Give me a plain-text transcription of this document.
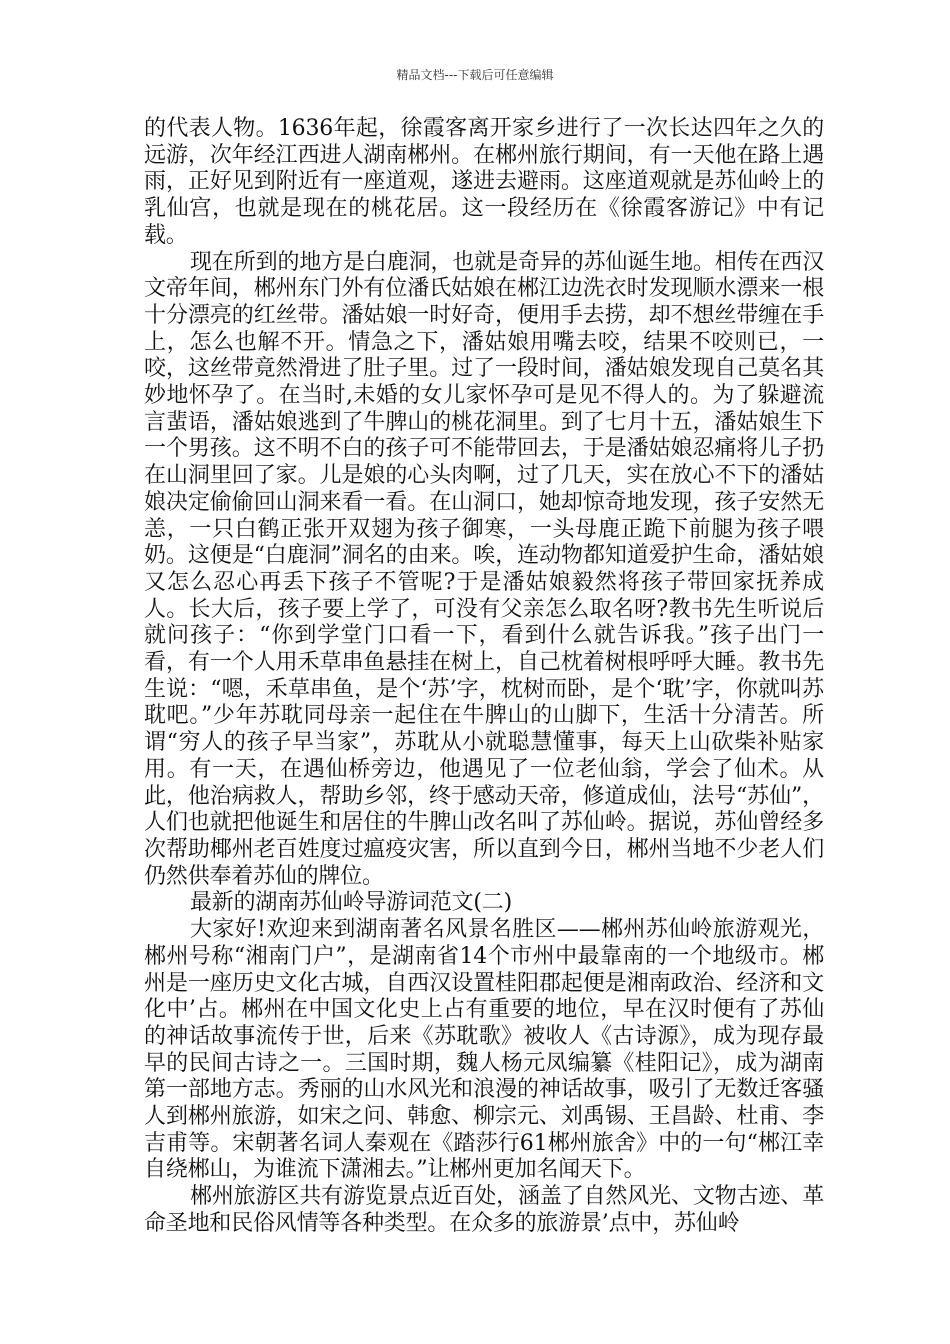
精品文档---下载后可任意编辑

的代表人物。1636年起，徐霞客离开家乡进行了一次长达四年之久的远游，次年经江西进人湖南郴州。在郴州旅行期间，有一天他在路上遇雨，正好见到附近有一座道观，遂进去避雨。这座道观就是苏仙岭上的乳仙宫，也就是现在的桃花居。这一段经历在《徐霞客游记》中有记载。

现在所到的地方是白鹿洞，也就是奇异的苏仙诞生地。相传在西汉文帝年间，郴州东门外有位潘氏姑娘在郴江边洗衣时发现顺水漂来一根十分漂亮的红丝带。潘姑娘一时好奇，便用手去捞，却不想丝带缠在手上，怎么也解不开。情急之下，潘姑娘用嘴去咬，结果不咬则已，一咬，这丝带竟然滑进了肚子里。过了一段时间，潘姑娘发现自己莫名其妙地怀孕了。在当时,未婚的女儿家怀孕可是见不得人的。为了躲避流言蜚语，潘姑娘逃到了牛脾山的桃花洞里。到了七月十五，潘姑娘生下一个男孩。这不明不白的孩子可不能带回去，于是潘姑娘忍痛将儿子扔在山洞里回了家。儿是娘的心头肉啊，过了几天，实在放心不下的潘姑娘决定偷偷回山洞来看一看。在山洞口，她却惊奇地发现，孩子安然无恙，一只白鹤正张开双翅为孩子御寒，一头母鹿正跪下前腿为孩子喂奶。这便是“白鹿洞”洞名的由来。唉，连动物都知道爱护生命，潘姑娘又怎么忍心再丢下孩子不管呢?于是潘姑娘毅然将孩子带回家抚养成人。长大后，孩子要上学了，可没有父亲怎么取名呀?教书先生听说后就问孩子：“你到学堂门口看一下，看到什么就告诉我。”孩子出门一看，有一个人用禾草串鱼悬挂在树上，自己枕着树根呼呼大睡。教书先生说：“嗯，禾草串鱼，是个‘苏’字，枕树而卧，是个‘耽’字，你就叫苏耽吧。”少年苏耽同母亲一起住在牛脾山的山脚下，生活十分清苦。所谓“穷人的孩子早当家”，苏耽从小就聪慧懂事，每天上山砍柴补贴家用。有一天，在遇仙桥旁边，他遇见了一位老仙翁，学会了仙术。从此，他治病救人，帮助乡邻，终于感动天帝，修道成仙，法号“苏仙”，人们也就把他诞生和居住的牛脾山改名叫了苏仙岭。据说，苏仙曾经多次帮助椰州老百姓度过瘟疫灾害，所以直到今日，郴州当地不少老人们仍然供奉着苏仙的牌位。

最新的湖南苏仙岭导游词范文(二)

大家好!欢迎来到湖南著名风景名胜区——郴州苏仙岭旅游观光，郴州号称“湘南门户”，是湖南省14个市州中最靠南的一个地级市。郴州是一座历史文化古城，自西汉设置桂阳郡起便是湘南政治、经济和文化中’占。郴州在中国文化史上占有重要的地位，早在汉时便有了苏仙的神话故事流传于世，后来《苏耽歌》被收人《古诗源》，成为现存最早的民间古诗之一。三国时期，魏人杨元凤编纂《桂阳记》，成为湖南第一部地方志。秀丽的山水风光和浪漫的神话故事，吸引了无数迁客骚人到郴州旅游，如宋之问、韩愈、柳宗元、刘禹锡、王昌龄、杜甫、李吉甫等。宋朝著名词人秦观在《踏莎行61郴州旅舍》中的一句“郴江幸自绕郴山，为谁流下潇湘去。”让郴州更加名闻天下。

郴州旅游区共有游览景点近百处，涵盖了自然风光、文物古迹、革命圣地和民俗风情等各种类型。在众多的旅游景’点中，苏仙岭
